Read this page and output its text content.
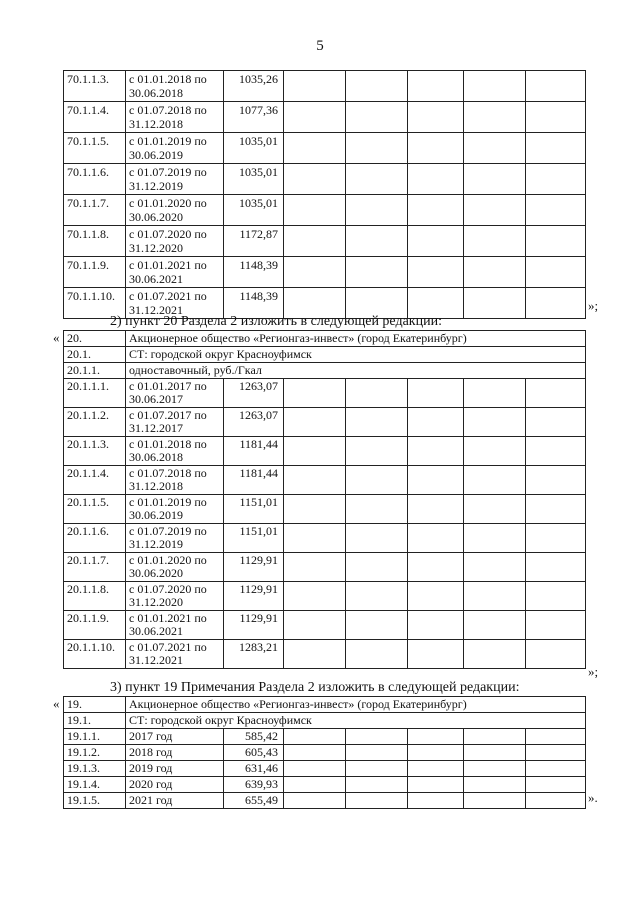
5
70.1.1.3.	с 01.01.2018 по
30.06.2018	1035,26	

70.1.1.4.	с 01.07.2018 по
31.12.2018	1077,36	

70.1.1.5.	с 01.01.2019 по
30.06.2019	1035,01	

70.1.1.6.	с 01.07.2019 по
31.12.2019	1035,01	

70.1.1.7.	с 01.01.2020 по
30.06.2020	1035,01	

70.1.1.8.	с 01.07.2020 по
31.12.2020	1172,87	

70.1.1.9.	с 01.01.2021 по
30.06.2021	1148,39	

70.1.1.10.	с 01.07.2021 по
31.12.2021	1148,39	

»;
2) пункт 20 Раздела 2 изложить в следующей редакции:
« 20.	Акционерное общество «Регионгаз-инвест» (город Екатеринбург)						
20.1.	СТ: городской округ Красноуфимск						
20.1.1.	одноставочный, руб./Гкал						
20.1.1.1.	с 01.01.2017 по
30.06.2017	1263,07	

20.1.1.2.	с 01.07.2017 по
31.12.2017	1263,07	

20.1.1.3.	с 01.01.2018 по
30.06.2018	1181,44	

20.1.1.4.	с 01.07.2018 по
31.12.2018	1181,44	

20.1.1.5.	с 01.01.2019 по
30.06.2019	1151,01	

20.1.1.6.	с 01.07.2019 по
31.12.2019	1151,01	

20.1.1.7.	с 01.01.2020 по
30.06.2020	1129,91	

20.1.1.8.	с 01.07.2020 по
31.12.2020	1129,91	

20.1.1.9.	с 01.01.2021 по
30.06.2021	1129,91	

20.1.1.10.	с 01.07.2021 по
31.12.2021	1283,21	

»;
3) пункт 19 Примечания Раздела 2 изложить в следующей редакции:
« 19.	Акционерное общество «Регионгаз-инвест» (город Екатеринбург)						
19.1.	СТ: городской округ Красноуфимск						
19.1.1.	2017 год	585,42					
19.1.2.	2018 год	605,43					
19.1.3.	2019 год	631,46					
19.1.4.	2020 год	639,93					
19.1.5.	2021 год	655,49						».
